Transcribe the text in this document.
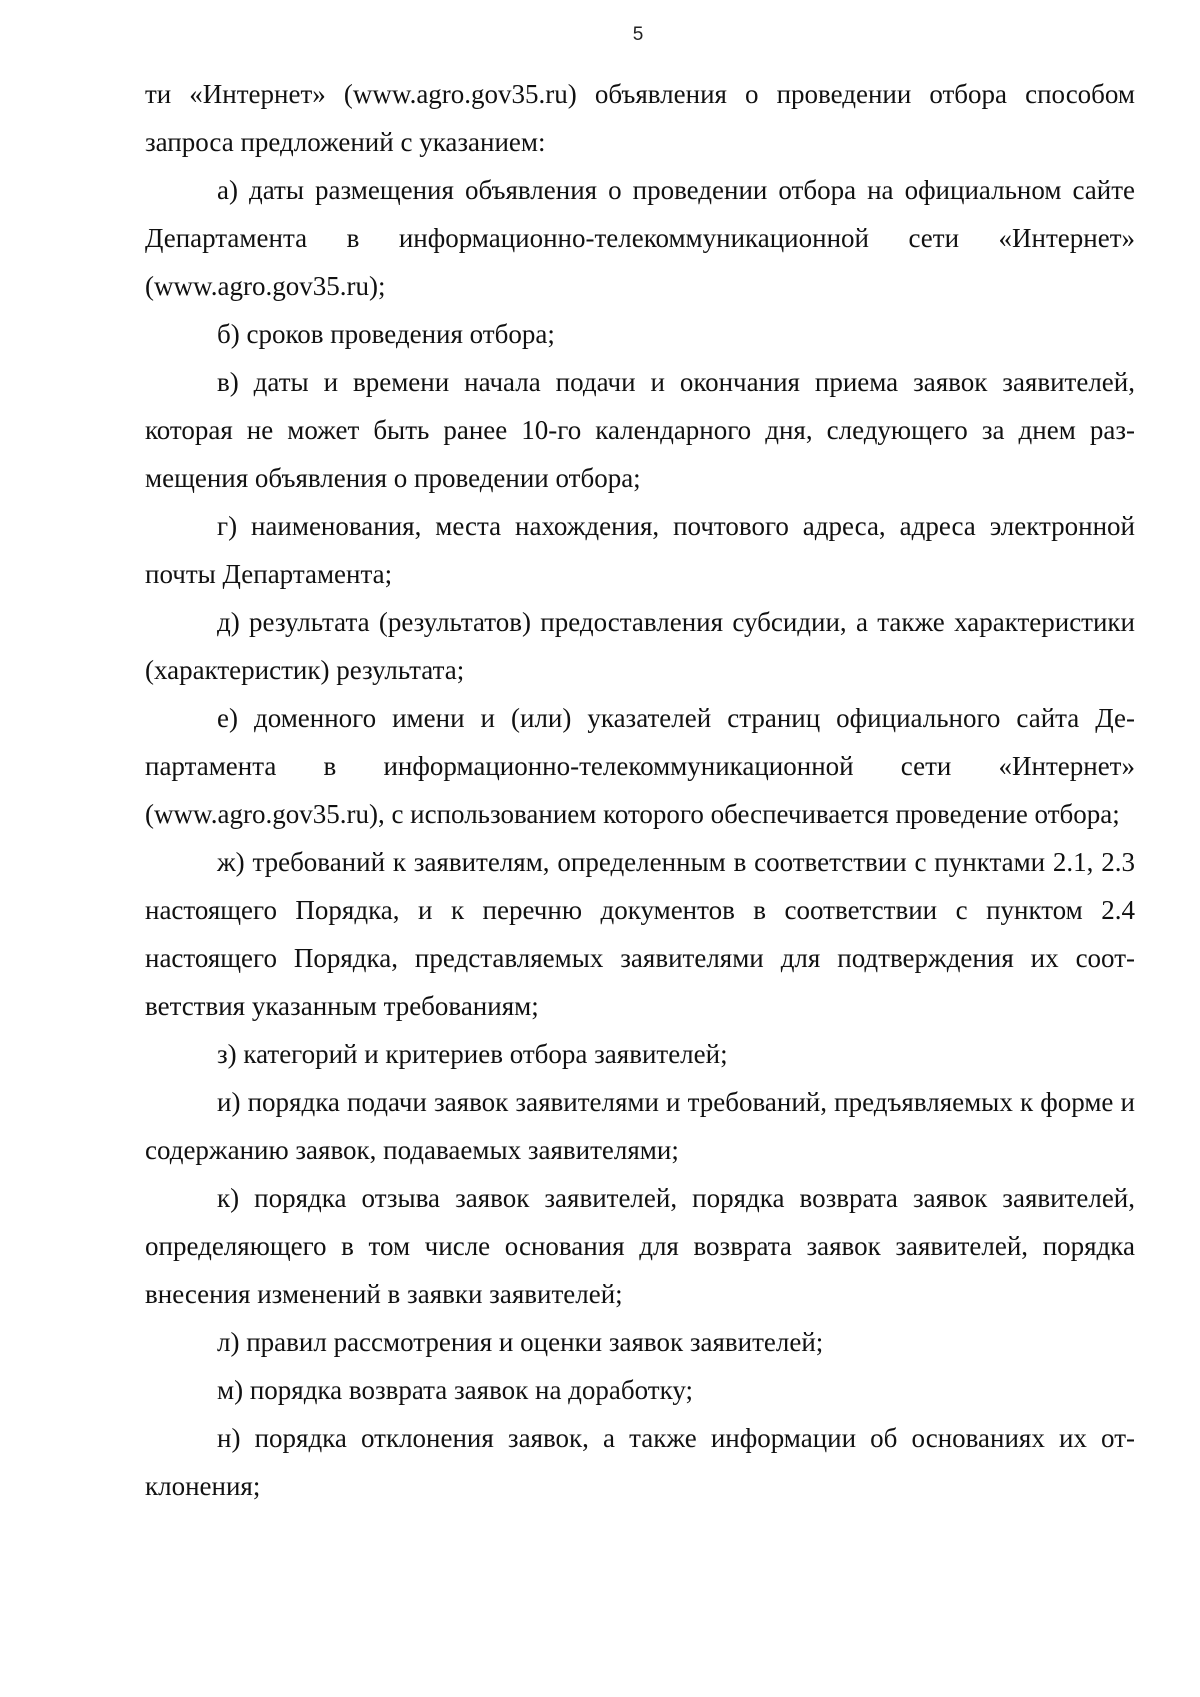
5

ти «Интернет» (www.agro.gov35.ru) объявления о проведении отбора способом запроса предложений с указанием:

а) даты размещения объявления о проведении отбора на официальном сайте Департамента в информационно-телекоммуникационной сети «Интернет» (www.agro.gov35.ru);

б) сроков проведения отбора;

в) даты и времени начала подачи и окончания приема заявок заявителей, которая не может быть ранее 10-го календарного дня, следующего за днем размещения объявления о проведении отбора;

г) наименования, места нахождения, почтового адреса, адреса электронной почты Департамента;

д) результата (результатов) предоставления субсидии, а также характеристики (характеристик) результата;

е) доменного имени и (или) указателей страниц официального сайта Департамента в информационно-телекоммуникационной сети «Интернет» (www.agro.gov35.ru), с использованием которого обеспечивается проведение отбора;

ж) требований к заявителям, определенным в соответствии с пунктами 2.1, 2.3 настоящего Порядка, и к перечню документов в соответствии с пунктом 2.4 настоящего Порядка, представляемых заявителями для подтверждения их соответствия указанным требованиям;

з) категорий и критериев отбора заявителей;

и) порядка подачи заявок заявителями и требований, предъявляемых к форме и содержанию заявок, подаваемых заявителями;

к) порядка отзыва заявок заявителей, порядка возврата заявок заявителей, определяющего в том числе основания для возврата заявок заявителей, порядка внесения изменений в заявки заявителей;

л) правил рассмотрения и оценки заявок заявителей;

м) порядка возврата заявок на доработку;

н) порядка отклонения заявок, а также информации об основаниях их отклонения;
